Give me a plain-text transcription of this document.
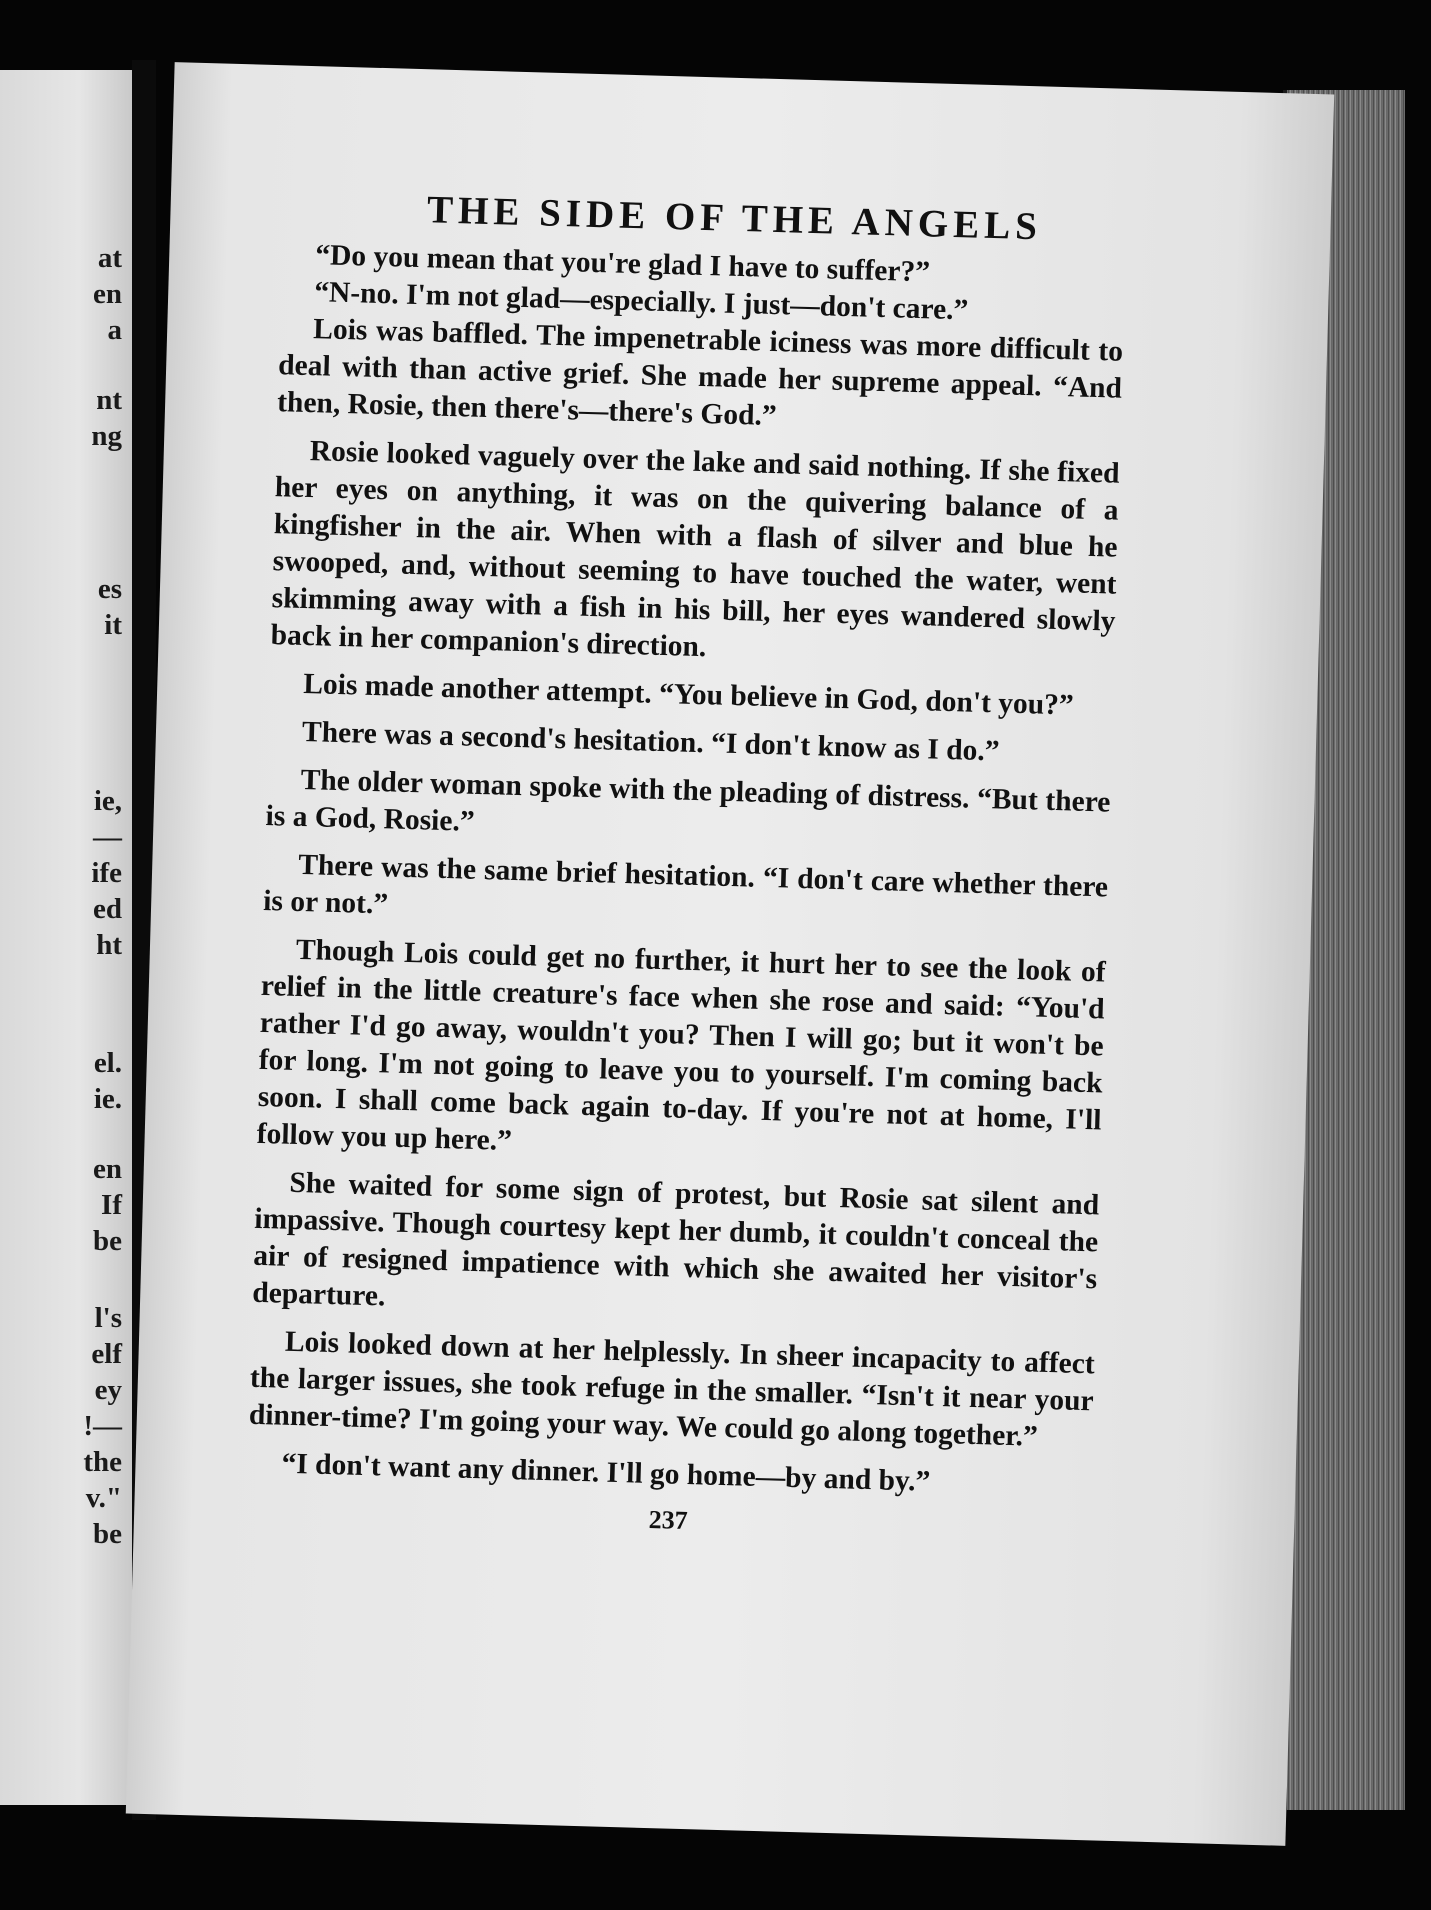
at
en
a
nt
ng
es
it
ie,
—
ife
ed
ht
el.
ie.
en
If
be
l's
elf
ey
!—
the
v."
be
THE SIDE OF THE ANGELS

“Do you mean that you're glad I have to suffer?”

“N-no. I'm not glad—especially. I just—don't care.”

Lois was baffled. The impenetrable iciness was more difficult to deal with than active grief. She made her supreme appeal. “And then, Rosie, then there's—there's God.”

Rosie looked vaguely over the lake and said nothing. If she fixed her eyes on anything, it was on the quivering balance of a kingfisher in the air. When with a flash of silver and blue he swooped, and, without seeming to have touched the water, went skimming away with a fish in his bill, her eyes wandered slowly back in her companion's direction.

Lois made another attempt. “You believe in God, don't you?”

There was a second's hesitation. “I don't know as I do.”

The older woman spoke with the pleading of distress. “But there is a God, Rosie.”

There was the same brief hesitation. “I don't care whether there is or not.”

Though Lois could get no further, it hurt her to see the look of relief in the little creature's face when she rose and said: “You'd rather I'd go away, wouldn't you? Then I will go; but it won't be for long. I'm not going to leave you to yourself. I'm coming back soon. I shall come back again to-day. If you're not at home, I'll follow you up here.”

She waited for some sign of protest, but Rosie sat silent and impassive. Though courtesy kept her dumb, it couldn't conceal the air of resigned impatience with which she awaited her visitor's departure.

Lois looked down at her helplessly. In sheer incapacity to affect the larger issues, she took refuge in the smaller. “Isn't it near your dinner-time? I'm going your way. We could go along together.”

“I don't want any dinner. I'll go home—by and by.”

237
